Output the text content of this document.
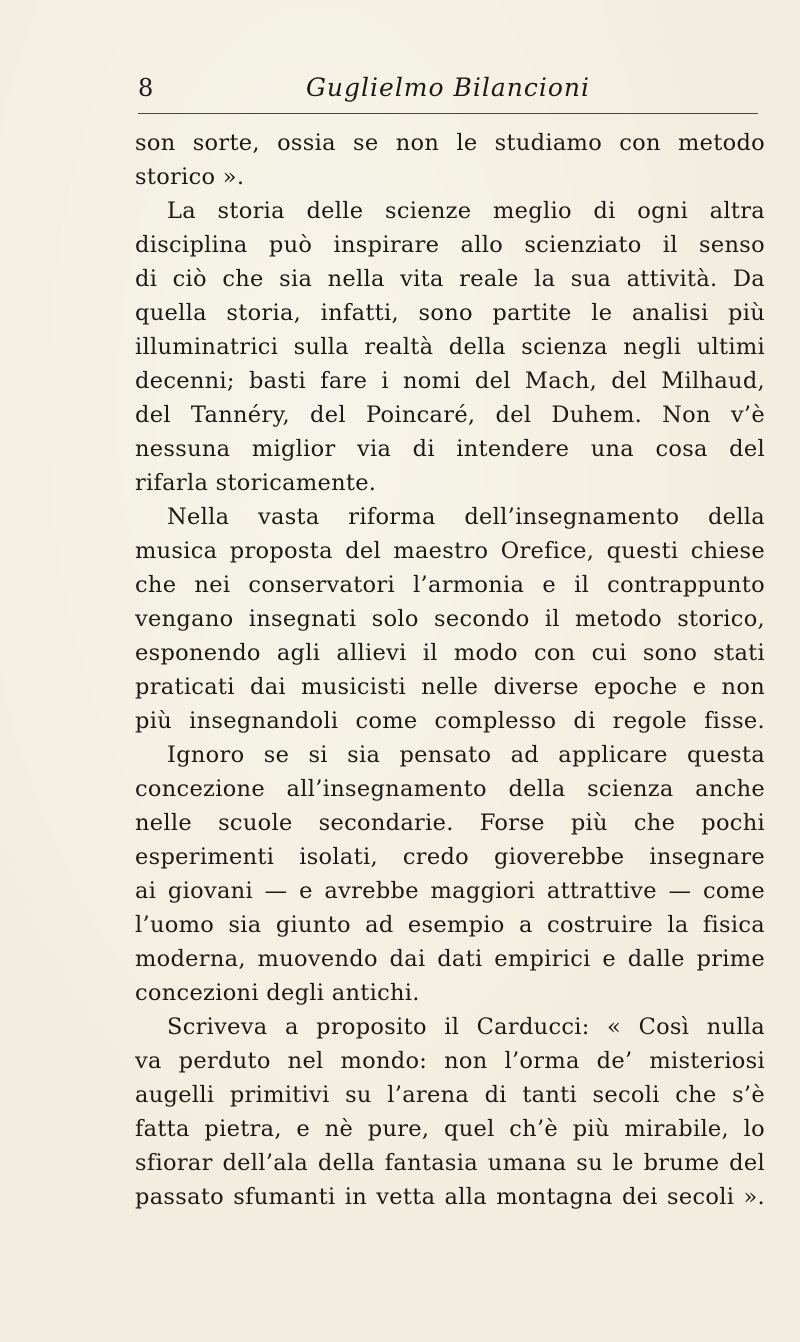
8	Guglielmo Bilancioni
son sorte, ossia se non le studiamo con metodo
storico ».
La storia delle scienze meglio di ogni altra
disciplina può inspirare allo scienziato il senso
di ciò che sia nella vita reale la sua attività. Da
quella storia, infatti, sono partite le analisi più
illuminatrici sulla realtà della scienza negli ultimi
decenni; basti fare i nomi del Mach, del Milhaud,
del Tannéry, del Poincaré, del Duhem. Non v’è
nessuna miglior via di intendere una cosa del
rifarla storicamente.
Nella vasta riforma dell’insegnamento della
musica proposta del maestro Orefice, questi chiese
che nei conservatori l’armonia e il contrappunto
vengano insegnati solo secondo il metodo storico,
esponendo agli allievi il modo con cui sono stati
praticati dai musicisti nelle diverse epoche e non
più insegnandoli come complesso di regole fisse.
Ignoro se si sia pensato ad applicare questa
concezione all’insegnamento della scienza anche
nelle scuole secondarie. Forse più che pochi
esperimenti isolati, credo gioverebbe insegnare
ai giovani — e avrebbe maggiori attrattive — come
l’uomo sia giunto ad esempio a costruire la fisica
moderna, muovendo dai dati empirici e dalle prime
concezioni degli antichi.
Scriveva a proposito il Carducci: « Così nulla
va perduto nel mondo: non l’orma de’ misteriosi
augelli primitivi su l’arena di tanti secoli che s’è
fatta pietra, e nè pure, quel ch’è più mirabile, lo
sfiorar dell’ala della fantasia umana su le brume del
passato sfumanti in vetta alla montagna dei secoli ».
